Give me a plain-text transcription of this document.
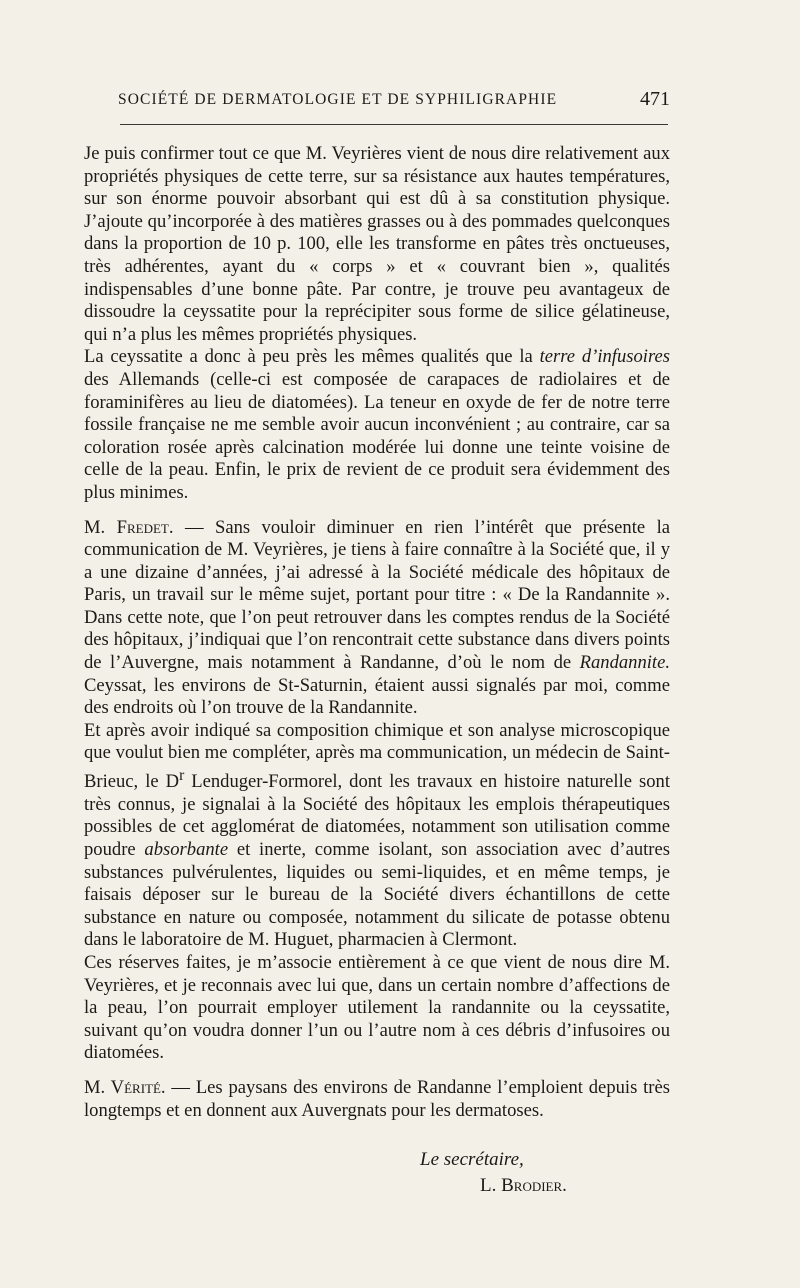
SOCIÉTÉ DE DERMATOLOGIE ET DE SYPHILIGRAPHIE	471

Je puis confirmer tout ce que M. Veyrières vient de nous dire relativement aux propriétés physiques de cette terre, sur sa résistance aux hautes températures, sur son énorme pouvoir absorbant qui est dû à sa constitution physique. J’ajoute qu’incorporée à des matières grasses ou à des pommades quelconques dans la proportion de 10 p. 100, elle les transforme en pâtes très onctueuses, très adhérentes, ayant du « corps » et « couvrant bien », qualités indispensables d’une bonne pâte. Par contre, je trouve peu avantageux de dissoudre la ceyssatite pour la reprécipiter sous forme de silice gélatineuse, qui n’a plus les mêmes propriétés physiques.

La ceyssatite a donc à peu près les mêmes qualités que la terre d’infusoires des Allemands (celle-ci est composée de carapaces de radiolaires et de foraminifères au lieu de diatomées). La teneur en oxyde de fer de notre terre fossile française ne me semble avoir aucun inconvénient ; au contraire, car sa coloration rosée après calcination modérée lui donne une teinte voisine de celle de la peau. Enfin, le prix de revient de ce produit sera évidemment des plus minimes.

M. Fredet. — Sans vouloir diminuer en rien l’intérêt que présente la communication de M. Veyrières, je tiens à faire connaître à la Société que, il y a une dizaine d’années, j’ai adressé à la Société médicale des hôpitaux de Paris, un travail sur le même sujet, portant pour titre : « De la Randannite ». Dans cette note, que l’on peut retrouver dans les comptes rendus de la Société des hôpitaux, j’indiquai que l’on rencontrait cette substance dans divers points de l’Auvergne, mais notamment à Randanne, d’où le nom de Randannite. Ceyssat, les environs de St-Saturnin, étaient aussi signalés par moi, comme des endroits où l’on trouve de la Randannite.

Et après avoir indiqué sa composition chimique et son analyse microscopique que voulut bien me compléter, après ma communication, un médecin de Saint-Brieuc, le $D^r$ Lenduger-Formorel, dont les travaux en histoire naturelle sont très connus, je signalai à la Société des hôpitaux les emplois thérapeutiques possibles de cet agglomérat de diatomées, notamment son utilisation comme poudre absorbante et inerte, comme isolant, son association avec d’autres substances pulvérulentes, liquides ou semi-liquides, et en même temps, je faisais déposer sur le bureau de la Société divers échantillons de cette substance en nature ou composée, notamment du silicate de potasse obtenu dans le laboratoire de M. Huguet, pharmacien à Clermont.

Ces réserves faites, je m’associe entièrement à ce que vient de nous dire M. Veyrières, et je reconnais avec lui que, dans un certain nombre d’affections de la peau, l’on pourrait employer utilement la randannite ou la ceyssatite, suivant qu’on voudra donner l’un ou l’autre nom à ces débris d’infusoires ou diatomées.

M. Vérité. — Les paysans des environs de Randanne l’emploient depuis très longtemps et en donnent aux Auvergnats pour les dermatoses.

Le secrétaire,
L. Brodier.
